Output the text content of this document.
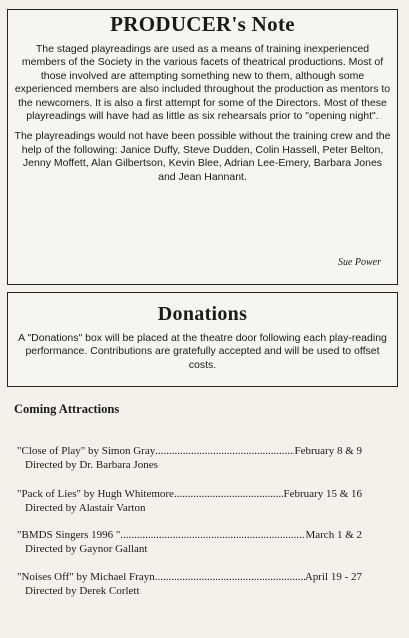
PRODUCER's Note

The staged playreadings are used as a means of training inexperienced members of the Society in the various facets of theatrical productions. Most of those involved are attempting something new to them, although some experienced members are also included throughout the production as mentors to the newcomers. It is also a first attempt for some of the Directors. Most of these playreadings will have had as little as six rehearsals prior to "opening night".

The playreadings would not have been possible without the training crew and the help of the following: Janice Duffy, Steve Dudden, Colin Hassell, Peter Belton, Jenny Moffett, Alan Gilbertson, Kevin Blee, Adrian Lee-Emery, Barbara Jones and Jean Hannant.

Sue Power
Donations

A "Donations" box will be placed at the theatre door following each play-reading performance. Contributions are gratefully accepted and will be used to offset costs.

Coming Attractions
"Close of Play" by Simon Gray .....	February 8 & 9
Directed by Dr. Barbara Jones
"Pack of Lies" by Hugh Whitemore .....	February 15 & 16
Directed by Alastair Varton
"BMDS Singers 1996 " .....	March 1 & 2
Directed by Gaynor Gallant
"Noises Off" by Michael Frayn .....	April 19 - 27
Directed by Derek Corlett
